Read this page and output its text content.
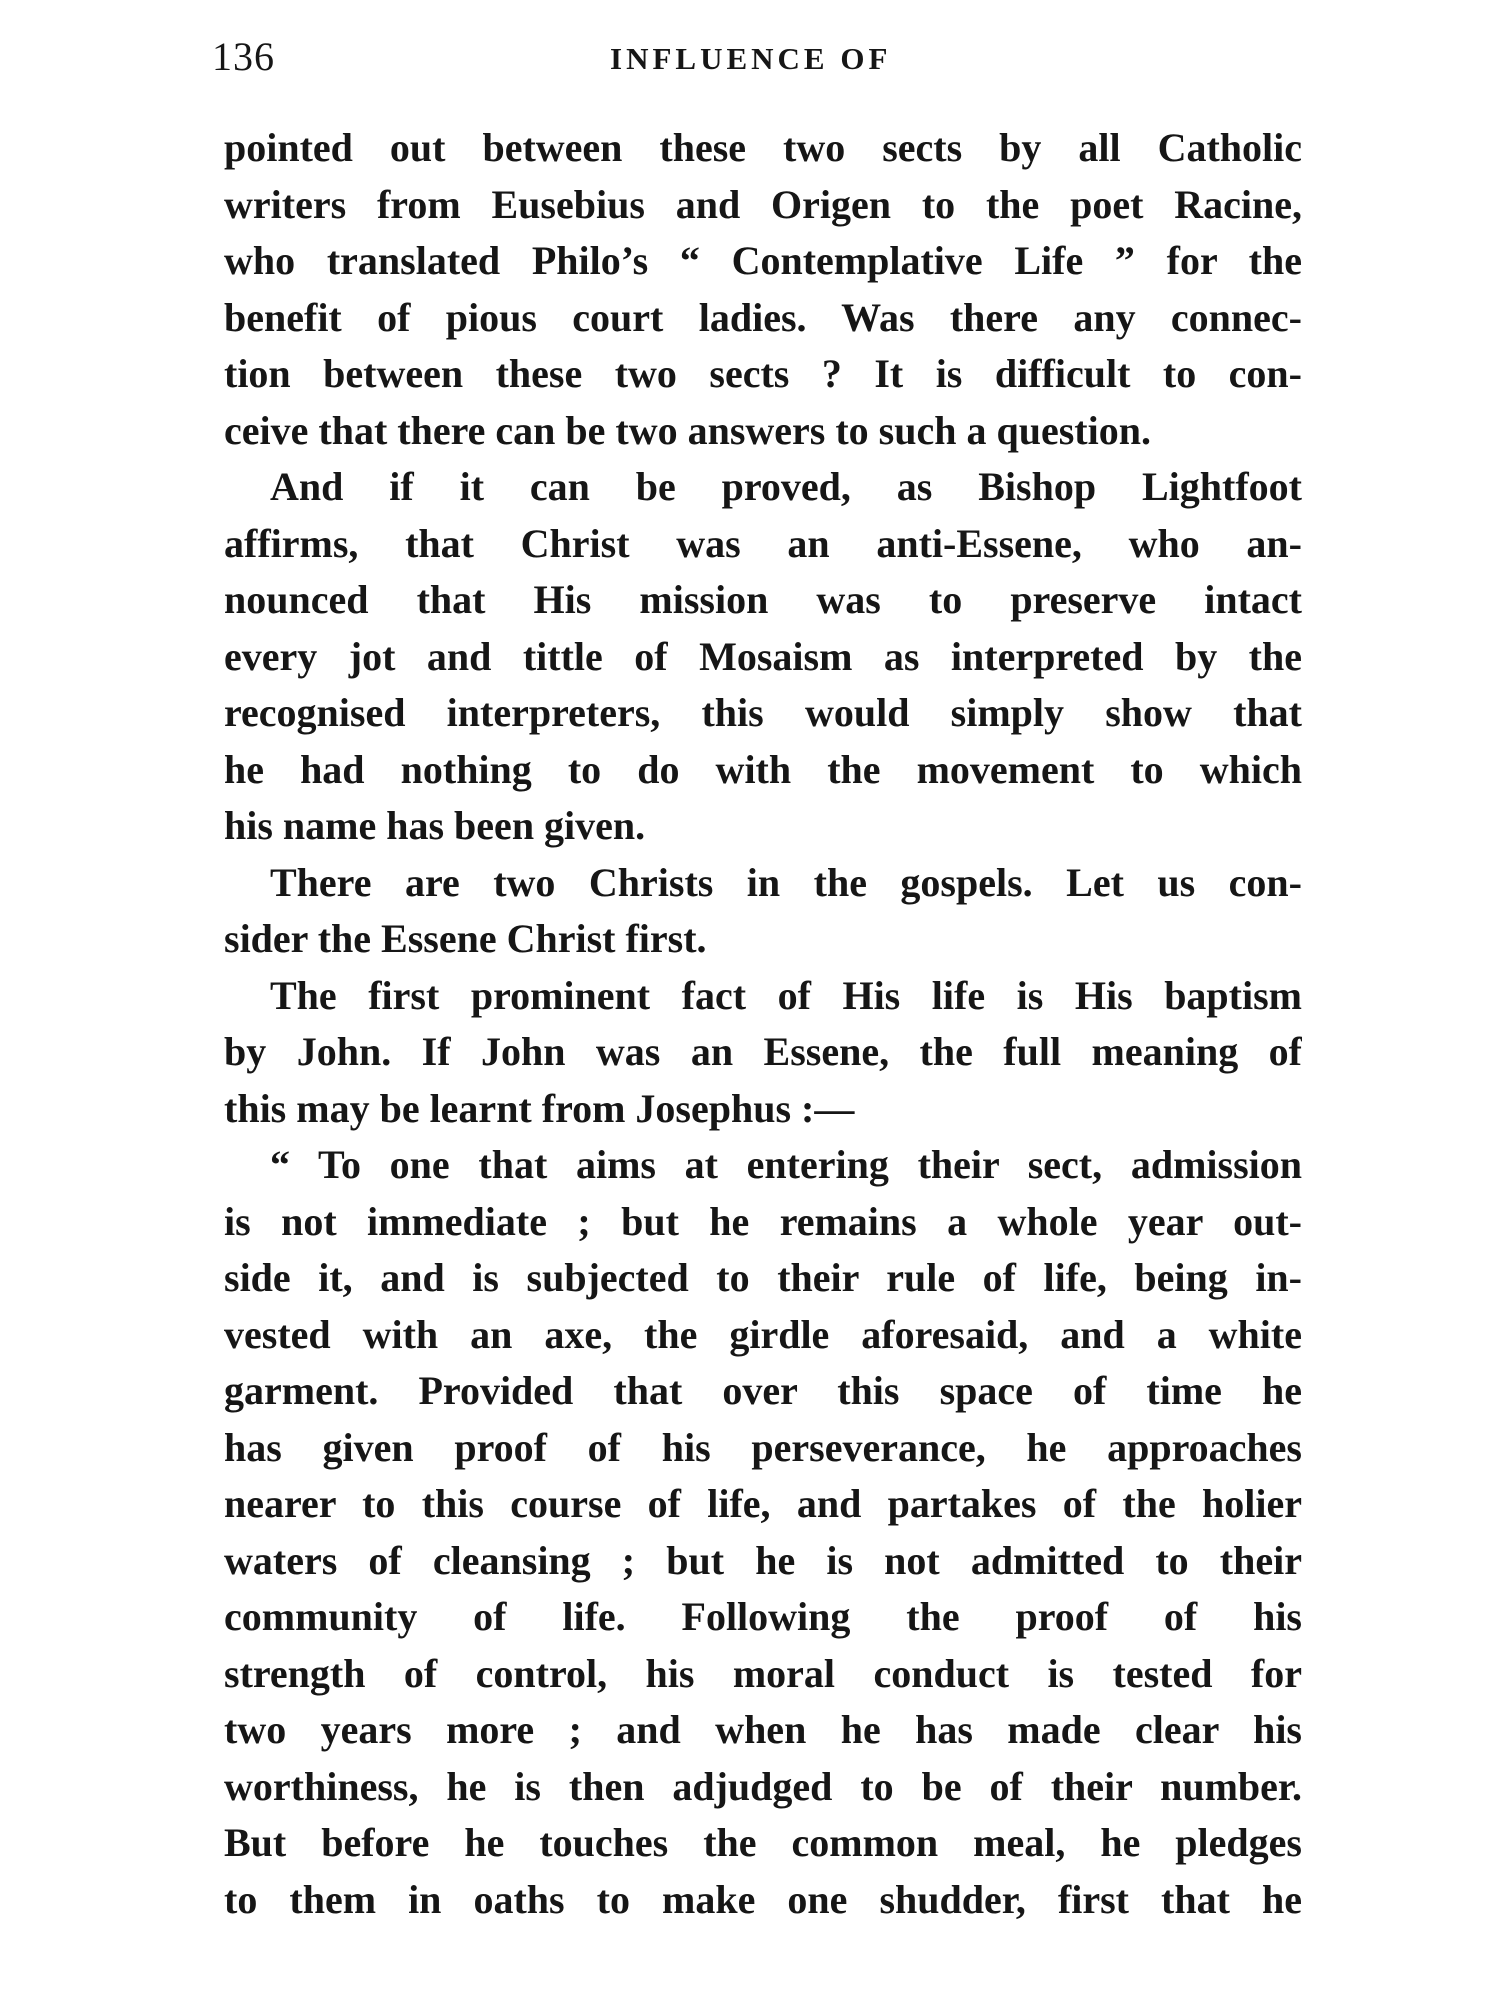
136	INFLUENCE OF
pointed out between these two sects by all Catholic
writers from Eusebius and Origen to the poet Racine,
who translated Philo’s “ Contemplative Life ” for the
benefit of pious court ladies. Was there any connec-
tion between these two sects ? It is difficult to con-
ceive that there can be two answers to such a question.
And if it can be proved, as Bishop Lightfoot
affirms, that Christ was an anti-Essene, who an-
nounced that His mission was to preserve intact
every jot and tittle of Mosaism as interpreted by the
recognised interpreters, this would simply show that
he had nothing to do with the movement to which
his name has been given.
There are two Christs in the gospels. Let us con-
sider the Essene Christ first.
The first prominent fact of His life is His baptism
by John. If John was an Essene, the full meaning of
this may be learnt from Josephus :—
“ To one that aims at entering their sect, admission
is not immediate ; but he remains a whole year out-
side it, and is subjected to their rule of life, being in-
vested with an axe, the girdle aforesaid, and a white
garment. Provided that over this space of time he
has given proof of his perseverance, he approaches
nearer to this course of life, and partakes of the holier
waters of cleansing ; but he is not admitted to their
community of life. Following the proof of his
strength of control, his moral conduct is tested for
two years more ; and when he has made clear his
worthiness, he is then adjudged to be of their number.
But before he touches the common meal, he pledges
to them in oaths to make one shudder, first that he
